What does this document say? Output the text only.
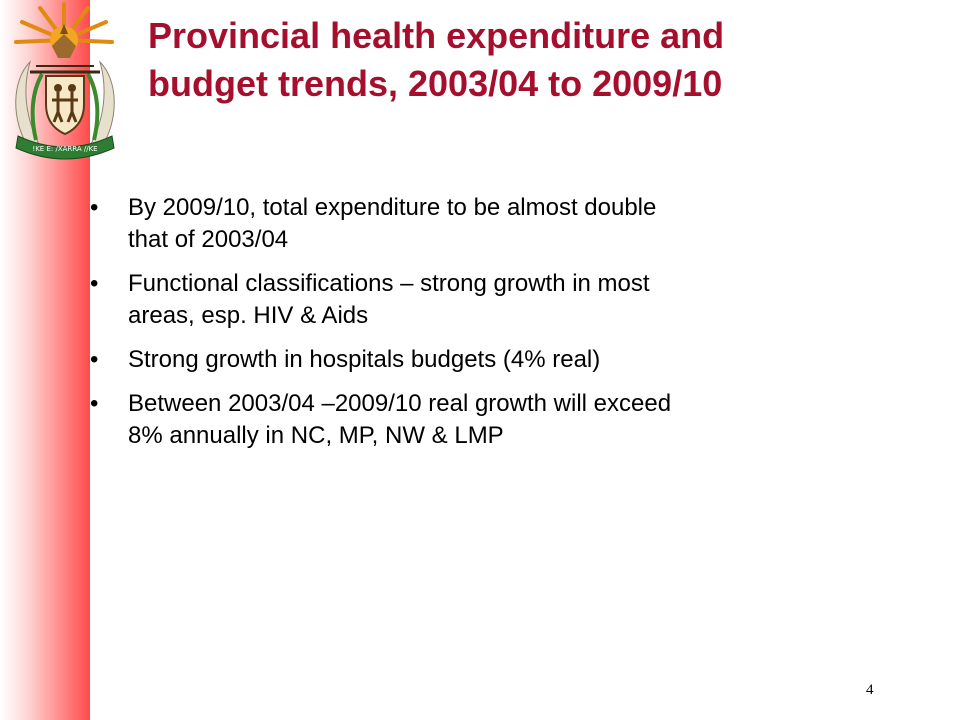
!KE E: /XARRA //KE
Provincial health expenditure and
budget trends, 2003/04 to 2009/10
• By 2009/10, total expenditure to be almost double
that of 2003/04
• Functional classifications – strong growth in most
areas, esp. HIV & Aids
• Strong growth in hospitals budgets (4% real)
• Between 2003/04 –2009/10 real growth will exceed
8% annually in NC, MP, NW & LMP
4
